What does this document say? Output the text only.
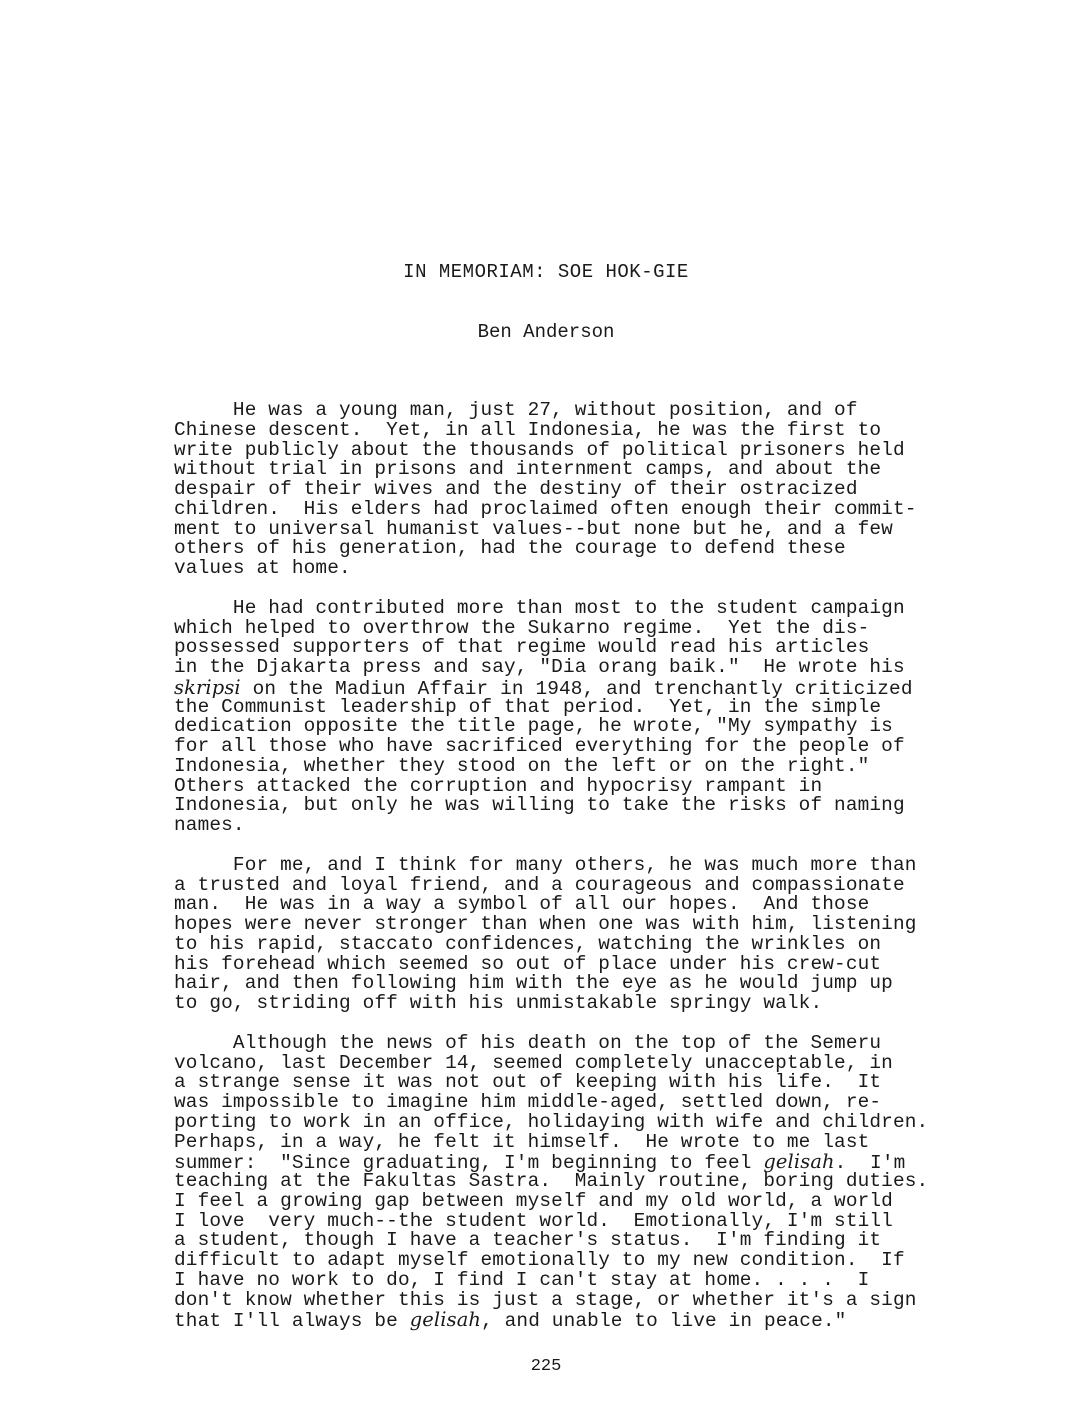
IN MEMORIAM: SOE HOK-GIE
Ben Anderson
He was a young man, just 27, without position, and of
Chinese descent.  Yet, in all Indonesia, he was the first to
write publicly about the thousands of political prisoners held
without trial in prisons and internment camps, and about the
despair of their wives and the destiny of their ostracized
children.  His elders had proclaimed often enough their commit-
ment to universal humanist values--but none but he, and a few
others of his generation, had the courage to defend these
values at home.
He had contributed more than most to the student campaign
which helped to overthrow the Sukarno regime.  Yet the dis-
possessed supporters of that regime would read his articles
in the Djakarta press and say, "Dia orang baik."  He wrote his
skripsi on the Madiun Affair in 1948, and trenchantly criticized
the Communist leadership of that period.  Yet, in the simple
dedication opposite the title page, he wrote, "My sympathy is
for all those who have sacrificed everything for the people of
Indonesia, whether they stood on the left or on the right."
Others attacked the corruption and hypocrisy rampant in
Indonesia, but only he was willing to take the risks of naming
names.
For me, and I think for many others, he was much more than
a trusted and loyal friend, and a courageous and compassionate
man.  He was in a way a symbol of all our hopes.  And those
hopes were never stronger than when one was with him, listening
to his rapid, staccato confidences, watching the wrinkles on
his forehead which seemed so out of place under his crew-cut
hair, and then following him with the eye as he would jump up
to go, striding off with his unmistakable springy walk.
Although the news of his death on the top of the Semeru
volcano, last December 14, seemed completely unacceptable, in
a strange sense it was not out of keeping with his life.  It
was impossible to imagine him middle-aged, settled down, re-
porting to work in an office, holidaying with wife and children.
Perhaps, in a way, he felt it himself.  He wrote to me last
summer:  "Since graduating, I'm beginning to feel gelisah.  I'm
teaching at the Fakultas Sastra.  Mainly routine, boring duties.
I feel a growing gap between myself and my old world, a world
I love  very much--the student world.  Emotionally, I'm still
a student, though I have a teacher's status.  I'm finding it
difficult to adapt myself emotionally to my new condition.  If
I have no work to do, I find I can't stay at home. . . .  I
don't know whether this is just a stage, or whether it's a sign
that I'll always be gelisah, and unable to live in peace."
225
